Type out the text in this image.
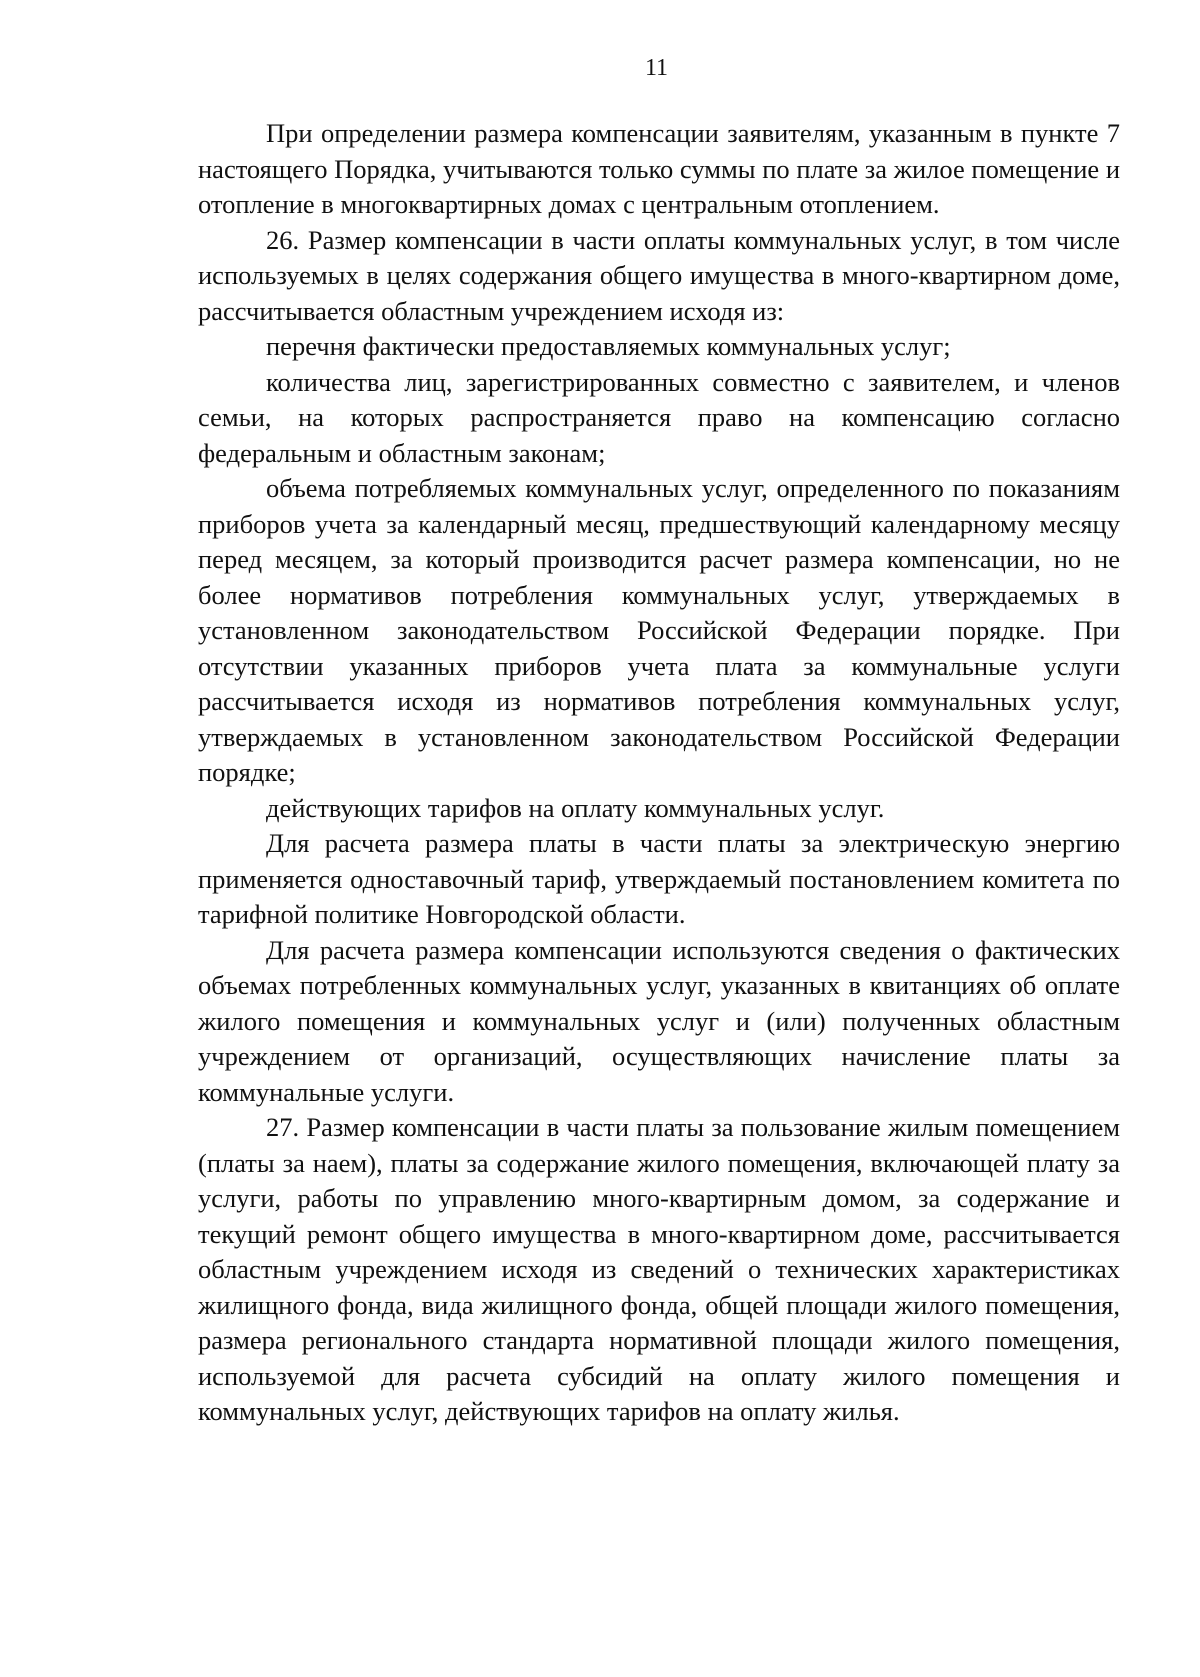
11

При определении размера компенсации заявителям, указанным в пункте 7 настоящего Порядка, учитываются только суммы по плате за жилое помещение и отопление в многоквартирных домах с центральным отоплением.

26. Размер компенсации в части оплаты коммунальных услуг, в том числе используемых в целях содержания общего имущества в много-квартирном доме, рассчитывается областным учреждением исходя из:

перечня фактически предоставляемых коммунальных услуг;

количества лиц, зарегистрированных совместно с заявителем, и членов семьи, на которых распространяется право на компенсацию согласно федеральным и областным законам;

объема потребляемых коммунальных услуг, определенного по показаниям приборов учета за календарный месяц, предшествующий календарному месяцу перед месяцем, за который производится расчет размера компенсации, но не более нормативов потребления коммунальных услуг, утверждаемых в установленном законодательством Российской Федерации порядке. При отсутствии указанных приборов учета плата за коммунальные услуги рассчитывается исходя из нормативов потребления коммунальных услуг, утверждаемых в установленном законодательством Российской Федерации порядке;

действующих тарифов на оплату коммунальных услуг.

Для расчета размера платы в части платы за электрическую энергию применяется одноставочный тариф, утверждаемый постановлением комитета по тарифной политике Новгородской области.

Для расчета размера компенсации используются сведения о фактических объемах потребленных коммунальных услуг, указанных в квитанциях об оплате жилого помещения и коммунальных услуг и (или) полученных областным учреждением от организаций, осуществляющих начисление платы за коммунальные услуги.

27. Размер компенсации в части платы за пользование жилым помещением (платы за наем), платы за содержание жилого помещения, включающей плату за услуги, работы по управлению много-квартирным домом, за содержание и текущий ремонт общего имущества в много-квартирном доме, рассчитывается областным учреждением исходя из сведений о технических характеристиках жилищного фонда, вида жилищного фонда, общей площади жилого помещения, размера регионального стандарта нормативной площади жилого помещения, используемой для расчета субсидий на оплату жилого помещения и коммунальных услуг, действующих тарифов на оплату жилья.
